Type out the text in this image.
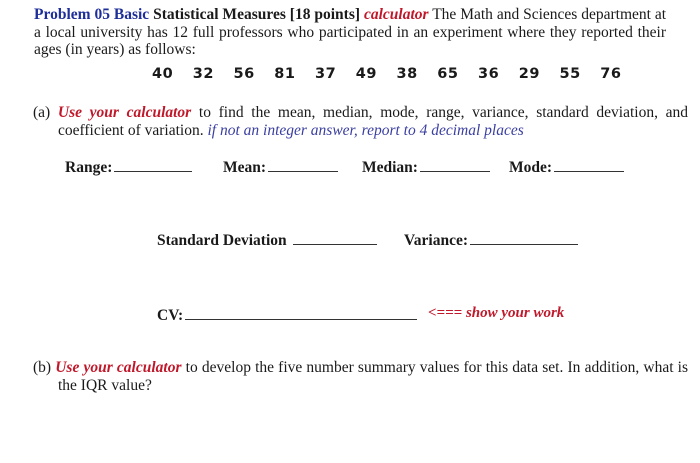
Problem 05 Basic Statistical Measures [18 points] calculator The Math and Sciences department at a local university has 12 full professors who participated in an experiment where they reported their ages (in years) as follows:
40 32 56 81 37 49 38 65 36 29 55 76
(a) Use your calculator to find the mean, median, mode, range, variance, standard deviation, and coefficient of variation. if not an integer answer, report to 4 decimal places
Range:	Mean:	Median:	Mode:
Standard Deviation	Variance:
CV:	<=== show your work
(b) Use your calculator to develop the five number summary values for this data set. In addition, what is the IQR value?
